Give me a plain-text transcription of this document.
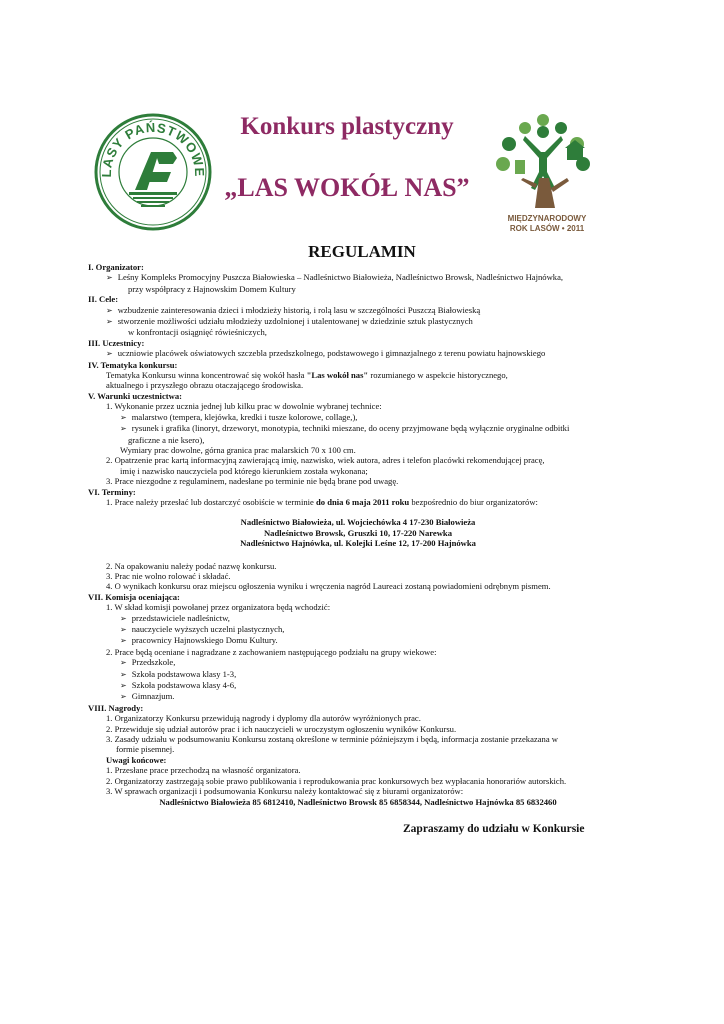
LASY PAŃSTWOWE
Konkurs plastyczny
„LAS WOKÓŁ NAS”
MIĘDZYNARODOWY
ROK LASÓW • 2011
REGULAMIN

I. Organizator:

➢ Leśny Kompleks Promocyjny Puszcza Białowieska – Nadleśnictwo Białowieża, Nadleśnictwo Browsk, Nadleśnictwo Hajnówka,

przy współpracy z Hajnowskim Domem Kultury

II. Cele:

➢ wzbudzenie zainteresowania dzieci i młodzieży historią, i rolą lasu w szczególności Puszczą Białowieską

➢ stworzenie możliwości udziału młodzieży uzdolnionej i utalentowanej w dziedzinie sztuk plastycznych

w konfrontacji osiągnięć rówieśniczych,

III. Uczestnicy:

➢ uczniowie placówek oświatowych szczebla przedszkolnego, podstawowego i gimnazjalnego z terenu powiatu hajnowskiego

IV. Tematyka konkursu:

Tematyka Konkursu winna koncentrować się wokół hasła "Las wokół nas" rozumianego w aspekcie historycznego,

aktualnego i przyszłego obrazu otaczającego środowiska.

V. Warunki uczestnictwa:

1. Wykonanie przez ucznia jednej lub kilku prac w dowolnie wybranej technice:

➢ malarstwo (tempera, klejówka, kredki i tusze kolorowe, collage,),

➢ rysunek i grafika (linoryt, drzeworyt, monotypia, techniki mieszane, do oceny przyjmowane będą wyłącznie oryginalne odbitki

graficzne a nie ksero),

Wymiary prac dowolne, górna granica prac malarskich 70 x 100 cm.

2. Opatrzenie prac kartą informacyjną zawierającą imię, nazwisko, wiek autora, adres i telefon placówki rekomendującej pracę,

imię i nazwisko nauczyciela pod którego kierunkiem została wykonana;

3. Prace niezgodne z regulaminem, nadesłane po terminie nie będą brane pod uwagę.

VI. Terminy:

1. Prace należy przesłać lub dostarczyć osobiście w terminie do dnia 6 maja 2011 roku bezpośrednio do biur organizatorów:

Nadleśnictwo Białowieża, ul. Wojciechówka 4 17-230 Białowieża

Nadleśnictwo Browsk, Gruszki 10, 17-220 Narewka

Nadleśnictwo Hajnówka, ul. Kolejki Leśne 12, 17-200 Hajnówka

2. Na opakowaniu należy podać nazwę konkursu.

3. Prac nie wolno rolować i składać.

4. O wynikach konkursu oraz miejscu ogłoszenia wyniku i wręczenia nagród Laureaci zostaną powiadomieni odrębnym pismem.

VII. Komisja oceniająca:

1. W skład komisji powołanej przez organizatora będą wchodzić:

➢ przedstawiciele nadleśnictw,

➢ nauczyciele wyższych uczelni plastycznych,

➢ pracownicy Hajnowskiego Domu Kultury.

2. Prace będą oceniane i nagradzane z zachowaniem następującego podziału na grupy wiekowe:

➢ Przedszkole,

➢ Szkoła podstawowa klasy 1-3,

➢ Szkoła podstawowa klasy 4-6,

➢ Gimnazjum.

VIII. Nagrody:

1. Organizatorzy Konkursu przewidują nagrody i dyplomy dla autorów wyróżnionych prac.

2. Przewiduje się udział autorów prac i ich nauczycieli w uroczystym ogłoszeniu wyników Konkursu.

3. Zasady udziału w podsumowaniu Konkursu zostaną określone w terminie późniejszym i będą, informacja zostanie przekazana w

formie pisemnej.

Uwagi końcowe:

1. Przesłane prace przechodzą na własność organizatora.

2. Organizatorzy zastrzegają sobie prawo publikowania i reprodukowania prac konkursowych bez wypłacania honorariów autorskich.

3. W sprawach organizacji i podsumowania Konkursu należy kontaktować się z biurami organizatorów:

Nadleśnictwo Białowieża 85 6812410, Nadleśnictwo Browsk 85 6858344, Nadleśnictwo Hajnówka 85 6832460

Zapraszamy do udziału w Konkursie
